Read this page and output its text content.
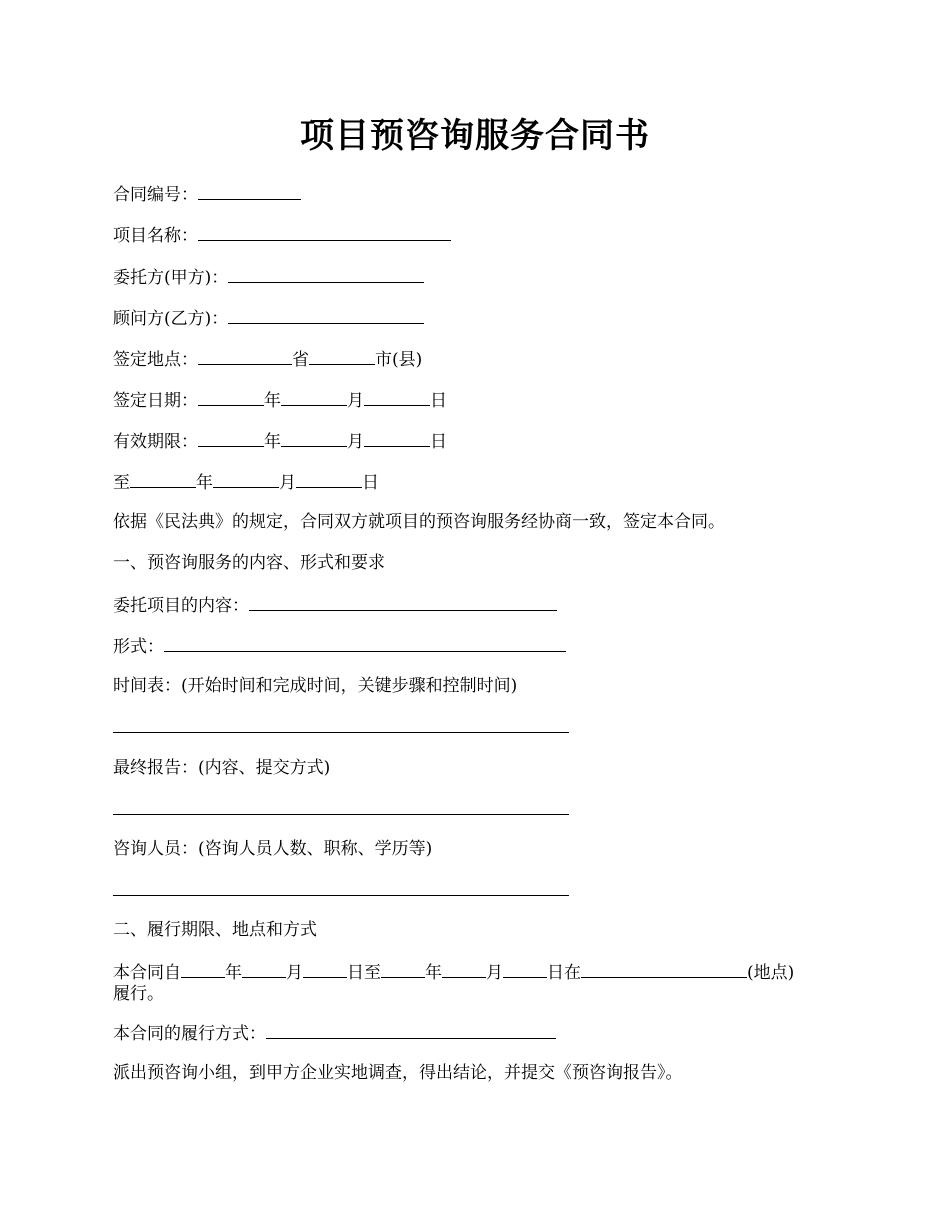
项目预咨询服务合同书
合同编号：
项目名称：
委托方(甲方)：
顾问方(乙方)：
签定地点：	省	市(县)
签定日期：	年	月	日
有效期限：	年	月	日
至	年	月	日
依据《民法典》的规定，合同双方就项目的预咨询服务经协商一致，签定本合同。
一、预咨询服务的内容、形式和要求
委托项目的内容：
形式：
时间表：(开始时间和完成时间，关键步骤和控制时间)
最终报告：(内容、提交方式)
咨询人员：(咨询人员人数、职称、学历等)
二、履行期限、地点和方式
本合同自	年	月	日至	年	月	日在	(地点)
履行。
本合同的履行方式：
派出预咨询小组，到甲方企业实地调查，得出结论，并提交《预咨询报告》。
